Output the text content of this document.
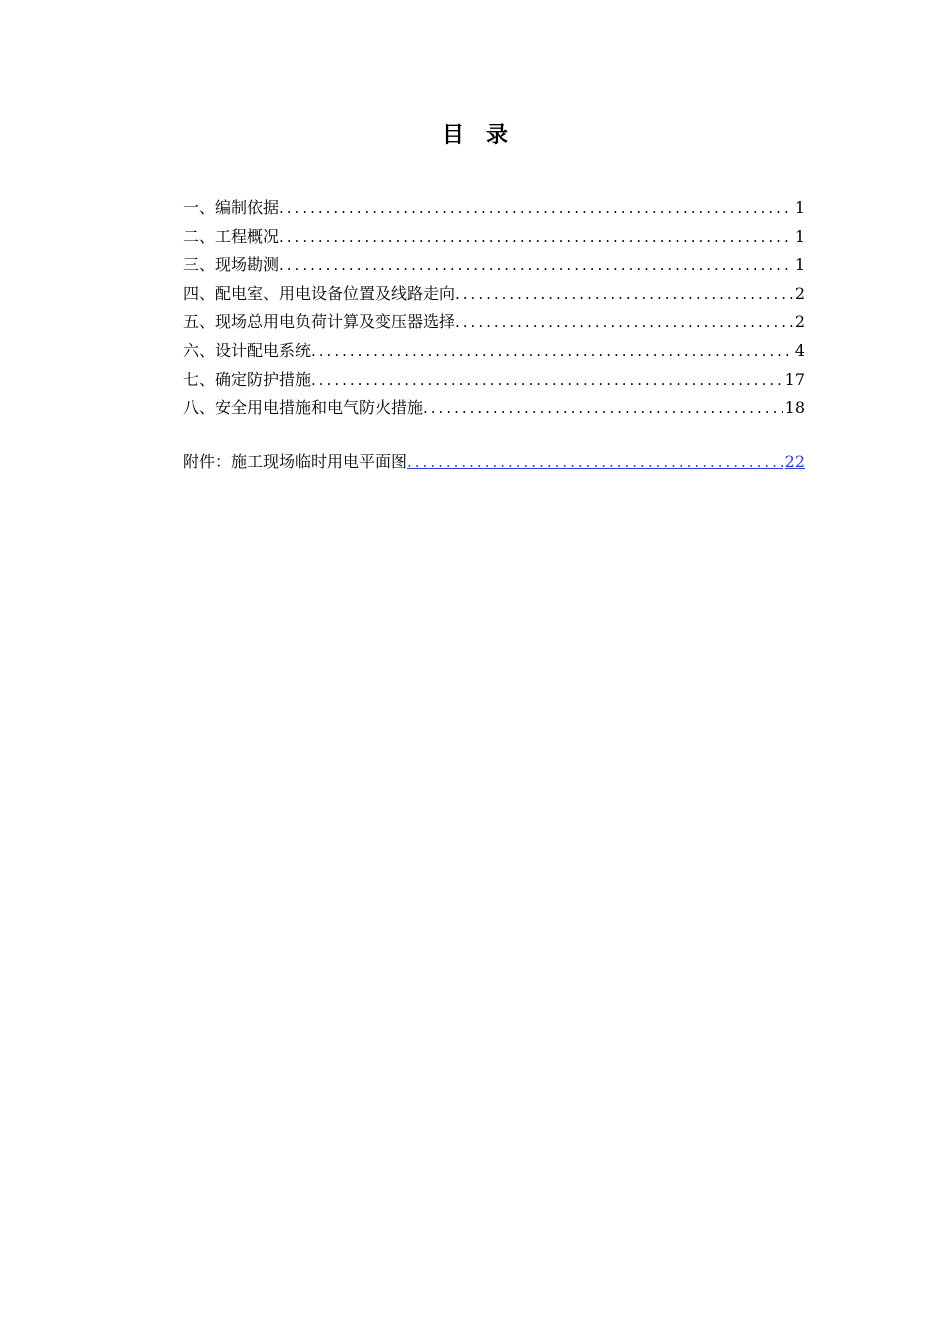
目 录
一、编制依据 .....	1
二、工程概况 .....	1
三、现场勘测 .....	1
四、配电室、用电设备位置及线路走向 .....	2
五、现场总用电负荷计算及变压器选择 .....	2
六、设计配电系统 .....	4
七、确定防护措施 .....	17
八、安全用电措施和电气防火措施 .....	18
附件：施工现场临时用电平面图 .....	22
